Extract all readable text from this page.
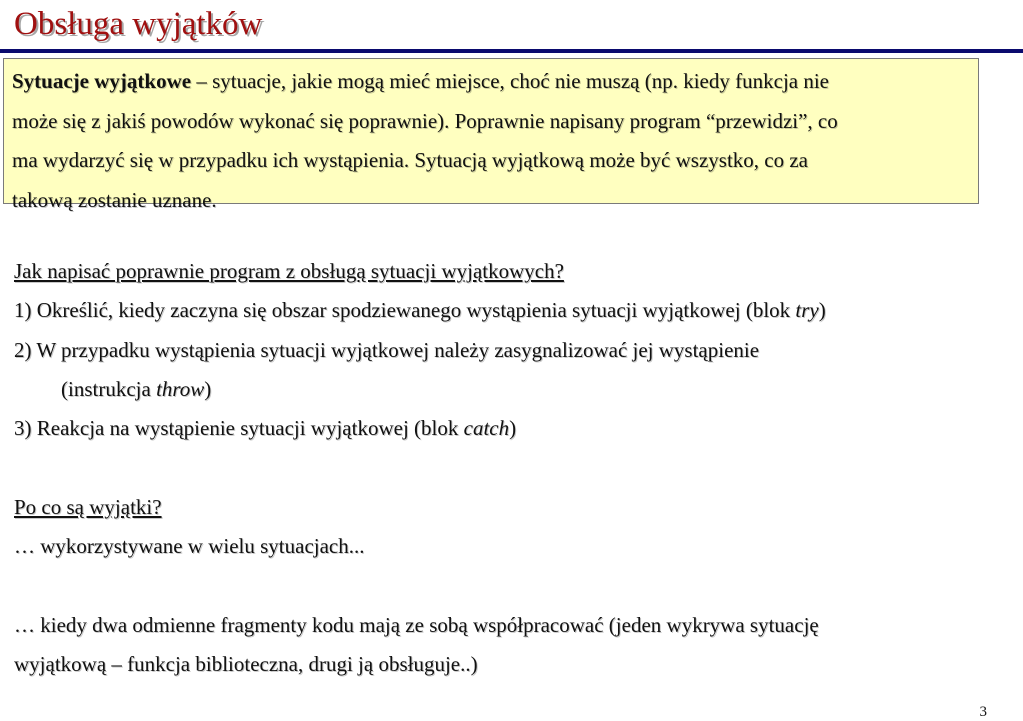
Obsługa wyjątków
Sytuacje wyjątkowe – sytuacje, jakie mogą mieć miejsce, choć nie muszą (np. kiedy funkcja nie
może się z jakiś powodów wykonać się poprawnie). Poprawnie napisany program “przewidzi”, co
ma wydarzyć się w przypadku ich wystąpienia. Sytuacją wyjątkową może być wszystko, co za
takową zostanie uznane.
Jak napisać poprawnie program z obsługą sytuacji wyjątkowych?
1) Określić, kiedy zaczyna się obszar spodziewanego wystąpienia sytuacji wyjątkowej (blok try)
2) W przypadku wystąpienia sytuacji wyjątkowej należy zasygnalizować jej wystąpienie
(instrukcja throw)
3) Reakcja na wystąpienie sytuacji wyjątkowej (blok catch)
Po co są wyjątki?
… wykorzystywane w wielu sytuacjach...
… kiedy dwa odmienne fragmenty kodu mają ze sobą współpracować (jeden wykrywa sytuację
wyjątkową – funkcja biblioteczna, drugi ją obsługuje..)
3
